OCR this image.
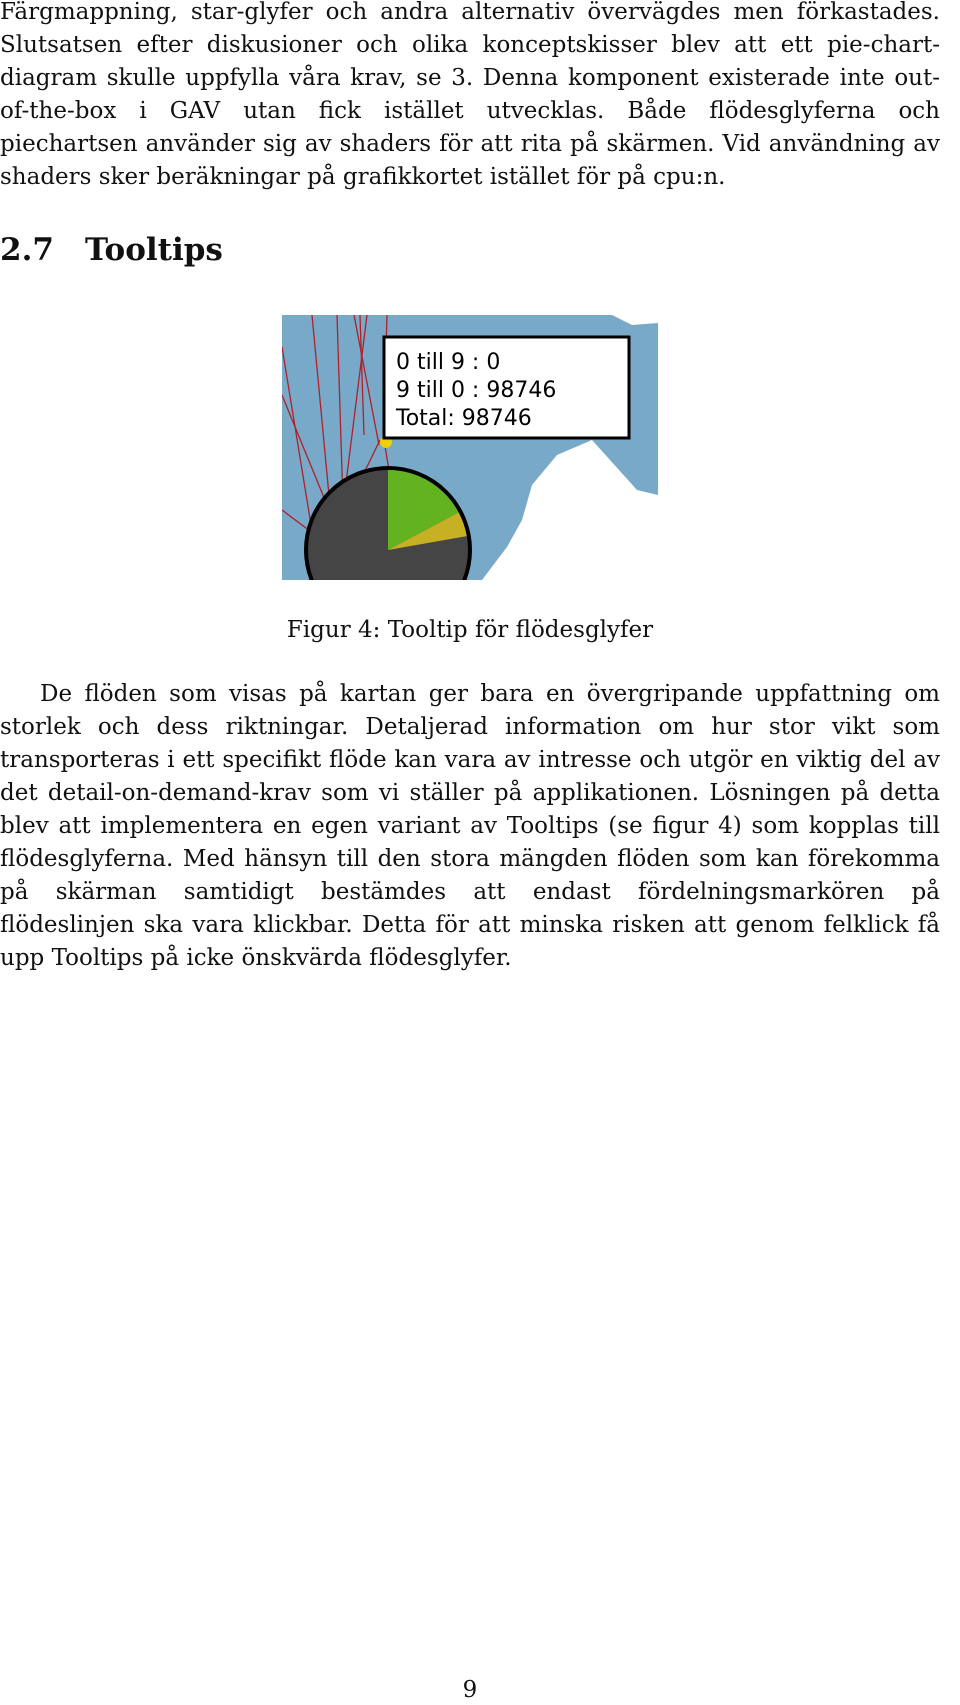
Färgmappning, star-glyfer och andra alternativ övervägdes men förkastades. Slutsatsen efter diskusioner och olika konceptskisser blev att ett pie-chart-diagram skulle uppfylla våra krav, se 3. Denna komponent existerade inte out-of-the-box i GAV utan fick istället utvecklas. Både flödesglyferna och piechartsen använder sig av shaders för att rita på skärmen. Vid användning av shaders sker beräkningar på grafikkortet istället för på cpu:n.

2.7 Tooltips
0 till 9 : 0
9 till 0 : 98746
Total: 98746

Figur 4: Tooltip för flödesglyfer

De flöden som visas på kartan ger bara en övergripande uppfattning om storlek och dess riktningar. Detaljerad information om hur stor vikt som transporteras i ett specifikt flöde kan vara av intresse och utgör en viktig del av det detail-on-demand-krav som vi ställer på applikationen. Lösningen på detta blev att implementera en egen variant av Tooltips (se figur 4) som kopplas till flödesglyferna. Med hänsyn till den stora mängden flöden som kan förekomma på skärman samtidigt bestämdes att endast fördelningsmarkören på flödeslinjen ska vara klickbar. Detta för att minska risken att genom felklick få upp Tooltips på icke önskvärda flödesglyfer.

9
